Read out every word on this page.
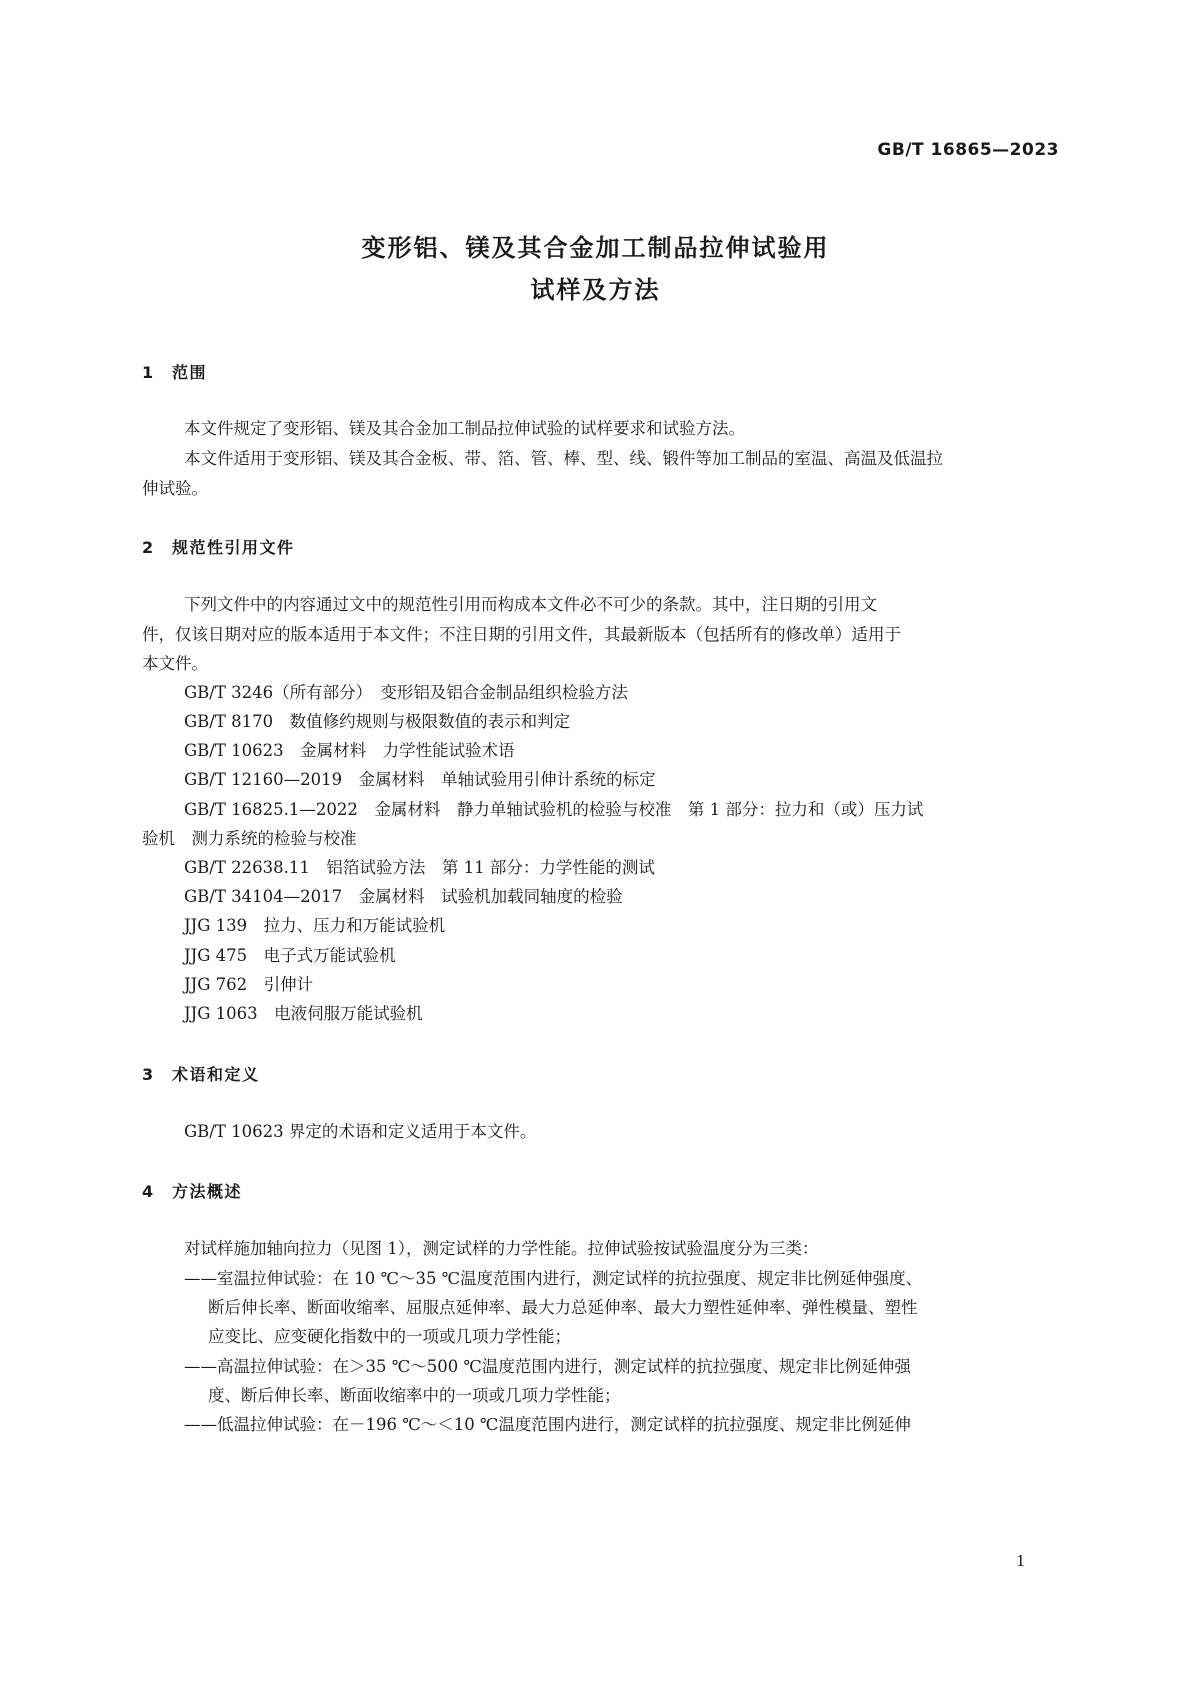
GB/T 16865—2023
变形铝、镁及其合金加工制品拉伸试验用
试样及方法
1 范围
本文件规定了变形铝、镁及其合金加工制品拉伸试验的试样要求和试验方法。
本文件适用于变形铝、镁及其合金板、带、箔、管、棒、型、线、锻件等加工制品的室温、高温及低温拉
伸试验。
2 规范性引用文件
下列文件中的内容通过文中的规范性引用而构成本文件必不可少的条款。其中，注日期的引用文
件，仅该日期对应的版本适用于本文件；不注日期的引用文件，其最新版本（包括所有的修改单）适用于
本文件。
GB/T 3246（所有部分）　变形铝及铝合金制品组织检验方法
GB/T 8170　数值修约规则与极限数值的表示和判定
GB/T 10623　金属材料　力学性能试验术语
GB/T 12160—2019　金属材料　单轴试验用引伸计系统的标定
GB/T 16825.1—2022　金属材料　静力单轴试验机的检验与校准　第 1 部分：拉力和（或）压力试
验机　测力系统的检验与校准
GB/T 22638.11　铝箔试验方法　第 11 部分：力学性能的测试
GB/T 34104—2017　金属材料　试验机加载同轴度的检验
JJG 139　拉力、压力和万能试验机
JJG 475　电子式万能试验机
JJG 762　引伸计
JJG 1063　电液伺服万能试验机
3 术语和定义
GB/T 10623 界定的术语和定义适用于本文件。
4 方法概述
对试样施加轴向拉力（见图 1），测定试样的力学性能。拉伸试验按试验温度分为三类：
——室温拉伸试验：在 10 ℃～35 ℃温度范围内进行，测定试样的抗拉强度、规定非比例延伸强度、
断后伸长率、断面收缩率、屈服点延伸率、最大力总延伸率、最大力塑性延伸率、弹性模量、塑性
应变比、应变硬化指数中的一项或几项力学性能；
——高温拉伸试验：在＞35 ℃～500 ℃温度范围内进行，测定试样的抗拉强度、规定非比例延伸强
度、断后伸长率、断面收缩率中的一项或几项力学性能；
——低温拉伸试验：在－196 ℃～＜10 ℃温度范围内进行，测定试样的抗拉强度、规定非比例延伸
1
